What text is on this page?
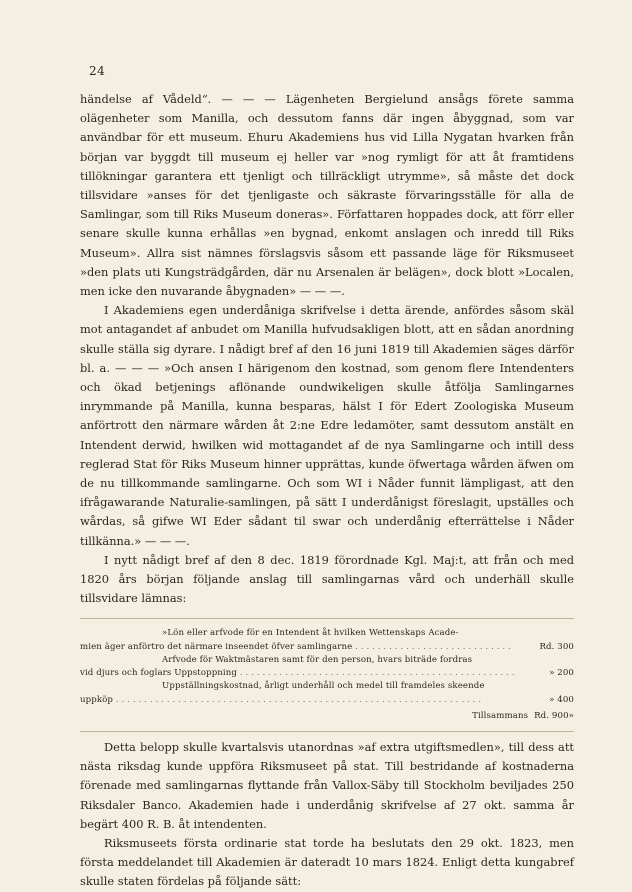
24

händelse af Vådeld“. — — — Lägenheten Bergielund ansågs förete samma olägenheter som Manilla, och dessutom fanns där ingen åbyggnad, som var användbar för ett museum. Ehuru Akademiens hus vid Lilla Nygatan hvarken från början var byggdt till museum ej heller var »nog rymligt för att åt framtidens tillökningar garantera ett tjenligt och tillräckligt utrymme», så måste det dock tillsvidare »anses för det tjenligaste och säkraste förvaringsställe för alla de Samlingar, som till Riks Museum doneras». Författaren hoppades dock, att förr eller senare skulle kunna erhållas »en bygnad, enkomt anslagen och inredd till Riks Museum». Allra sist nämnes förslagsvis såsom ett passande läge för Riksmuseet »den plats uti Kungsträdgården, där nu Arsenalen är belägen», dock blott »Localen, men icke den nuvarande åbygnaden» — — —.

I Akademiens egen underdåniga skrifvelse i detta ärende, anfördes såsom skäl mot antagandet af anbudet om Manilla hufvudsakligen blott, att en sådan anordning skulle ställa sig dyrare. I nådigt bref af den 16 juni 1819 till Akademien säges därför bl. a. — — — »Och ansen I härigenom den kostnad, som genom flere Intendenters och ökad betjenings aflönande oundwikeligen skulle åtfölja Samlingarnes inrymmande på Manilla, kunna besparas, hälst I för Edert Zoologiska Museum anförtrott den närmare wården åt 2:ne Edre ledamöter, samt dessutom anstält en Intendent derwid, hwilken wid mottagandet af de nya Samlingarne och intill dess reglerad Stat för Riks Museum hinner upprättas, kunde öfwertaga wården äfwen om de nu tillkommande samlingarne. Och som WI i Nåder funnit lämpligast, att den ifrågawarande Naturalie-samlingen, på sätt I underdånigst föreslagit, upställes och wårdas, så gifwe WI Eder sådant til swar och underdånig efterrättelse i Nåder tillkänna.» — — —.

I nytt nådigt bref af den 8 dec. 1819 förordnade Kgl. Maj:t, att från och med 1820 års början följande anslag till samlingarnas vård och underhäll skulle tillsvidare lämnas:

»Lön eller arfvode för en Intendent åt hvilken Wettenskaps Acade-
mien äger anförtro det närmare inseendet öfver samlingarne . . .	Rd. 300
Arfvode för Waktmästaren samt för den person, hvars biträde fordras
vid djurs och foglars Uppstoppning . . .	» 200
Uppställningskostnad, årligt underhåll och medel till framdeles skeende
uppköp . . .	» 400
Tillsammans Rd. 900»

Detta belopp skulle kvartalsvis utanordnas »af extra utgiftsmedlen», till dess att nästa riksdag kunde uppföra Riksmuseet på stat. Till bestridande af kostnaderna förenade med samlingarnas flyttande från Vallox-Säby till Stockholm beviljades 250 Riksdaler Banco. Akademien hade i underdånig skrifvelse af 27 okt. samma år begärt 400 R. B. åt intendenten.

Riksmuseets första ordinarie stat torde ha beslutats den 29 okt. 1823, men första meddelandet till Akademien är dateradt 10 mars 1824. Enligt detta kungabref skulle staten fördelas på följande sätt:
